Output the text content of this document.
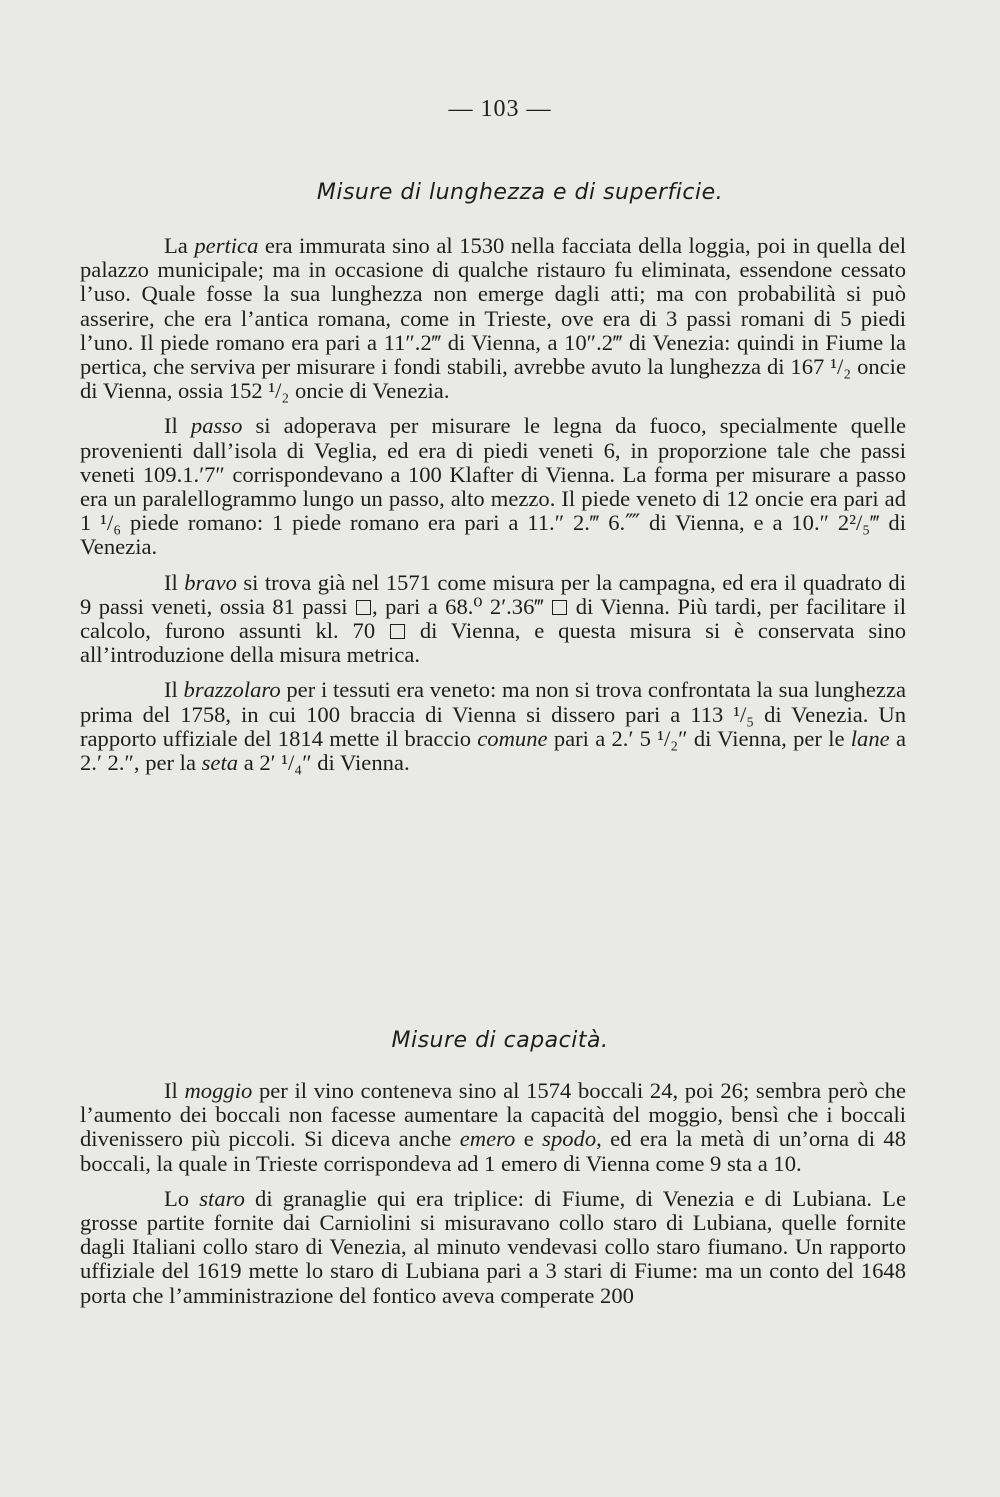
— 103 —
Misure di lunghezza e di superficie.

La pertica era immurata sino al 1530 nella facciata della loggia, poi in quella del palazzo municipale; ma in occasione di qualche ristauro fu eliminata, essendone cessato l’uso. Quale fosse la sua lunghezza non emerge dagli atti; ma con probabilità si può asserire, che era l’antica romana, come in Trieste, ove era di 3 passi romani di 5 piedi l’uno. Il piede romano era pari a 11″.2‴ di Vienna, a 10″.2‴ di Venezia: quindi in Fiume la pertica, che serviva per misurare i fondi stabili, avrebbe avuto la lunghezza di 167 ¹/₂ oncie di Vienna, ossia 152 ¹/₂ oncie di Venezia.

Il passo si adoperava per misurare le legna da fuoco, specialmente quelle provenienti dall’isola di Veglia, ed era di piedi veneti 6, in proporzione tale che passi veneti 109.1.′7″ corrispondevano a 100 Klafter di Vienna. La forma per misurare a passo era un paralellogrammo lungo un passo, alto mezzo. Il piede veneto di 12 oncie era pari ad 1 ¹/₆ piede romano: 1 piede romano era pari a 11.″ 2.‴ 6.⁗ di Vienna, e a 10.″ 2²/₅‴ di Venezia.

Il bravo si trova già nel 1571 come misura per la campagna, ed era il quadrato di 9 passi veneti, ossia 81 passi , pari a 68.⁰ 2′.36‴  di Vienna. Più tardi, per facilitare il calcolo, furono assunti kl. 70  di Vienna, e questa misura si è conservata sino all’introduzione della misura metrica.

Il brazzolaro per i tessuti era veneto: ma non si trova confrontata la sua lunghezza prima del 1758, in cui 100 braccia di Vienna si dissero pari a 113 ¹/₅ di Venezia. Un rapporto uffiziale del 1814 mette il braccio comune pari a 2.′ 5 ¹/₂″ di Vienna, per le lane a 2.′ 2.″, per la seta a 2′ ¹/₄″ di Vienna.

Misure di capacità.

Il moggio per il vino conteneva sino al 1574 boccali 24, poi 26; sembra però che l’aumento dei boccali non facesse aumentare la capacità del moggio, bensì che i boccali divenissero più piccoli. Si diceva anche emero e spodo, ed era la metà di un’orna di 48 boccali, la quale in Trieste corrispondeva ad 1 emero di Vienna come 9 sta a 10.

Lo staro di granaglie qui era triplice: di Fiume, di Venezia e di Lubiana. Le grosse partite fornite dai Carniolini si misuravano collo staro di Lubiana, quelle fornite dagli Italiani collo staro di Venezia, al minuto vendevasi collo staro fiumano. Un rapporto uffiziale del 1619 mette lo staro di Lubiana pari a 3 stari di Fiume: ma un conto del 1648 porta che l’amministrazione del fontico aveva comperate 200
